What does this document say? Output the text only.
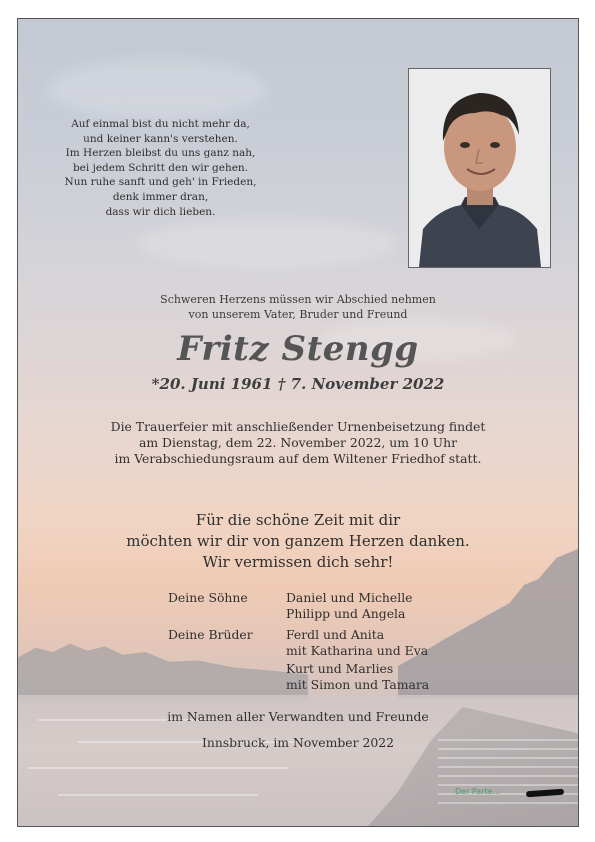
Auf einmal bist du nicht mehr da,
und keiner kann's verstehen.
Im Herzen bleibst du uns ganz nah,
bei jedem Schritt den wir gehen.
Nun ruhe sanft und geh' in Frieden,
denk immer dran,
dass wir dich lieben.
Schweren Herzens müssen wir Abschied nehmen
von unserem Vater, Bruder und Freund
Fritz Stengg
*20. Juni 1961 † 7. November 2022
Die Trauerfeier mit anschließender Urnenbeisetzung findet
am Dienstag, dem 22. November 2022, um 10 Uhr
im Verabschiedungsraum auf dem Wiltener Friedhof statt.
Für die schöne Zeit mit dir
möchten wir dir von ganzem Herzen danken.
Wir vermissen dich sehr!
Deine Söhne	Daniel und Michelle
Philipp und Angela
Deine Brüder	Ferdl und Anita
mit Katharina und Eva
Kurt und Marlies
mit Simon und Tamara
im Namen aller Verwandten und Freunde
Innsbruck, im November 2022
Der Parte...
